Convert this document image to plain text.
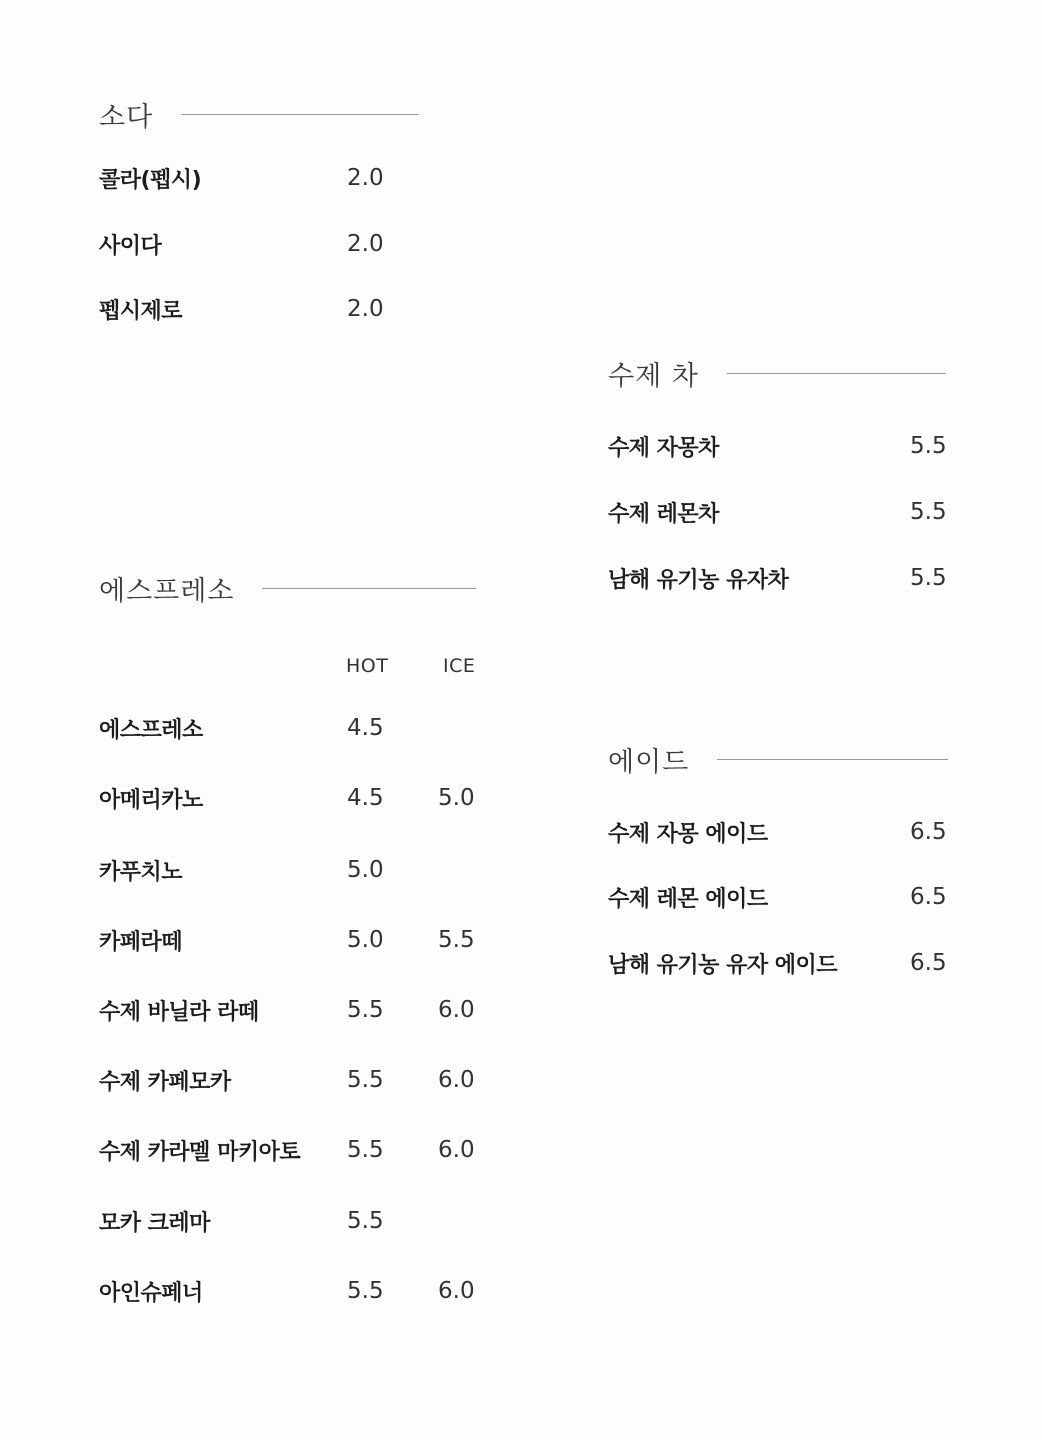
소다
콜라(펩시)	2.0
사이다	2.0
펩시제로	2.0
에스프레소
HOT	ICE
에스프레소	4.5
아메리카노	4.5 5.0
카푸치노	5.0
카페라떼	5.0 5.5
수제 바닐라 라떼	5.5 6.0
수제 카페모카	5.5 6.0
수제 카라멜 마키아토 5.5 6.0
모카 크레마	5.5
아인슈페너	5.5 6.0
수제 차
수제 자몽차	5.5
수제 레몬차	5.5
남해 유기농 유자차	5.5
에이드
수제 자몽 에이드	6.5
수제 레몬 에이드	6.5
남해 유기농 유자 에이드	6.5
